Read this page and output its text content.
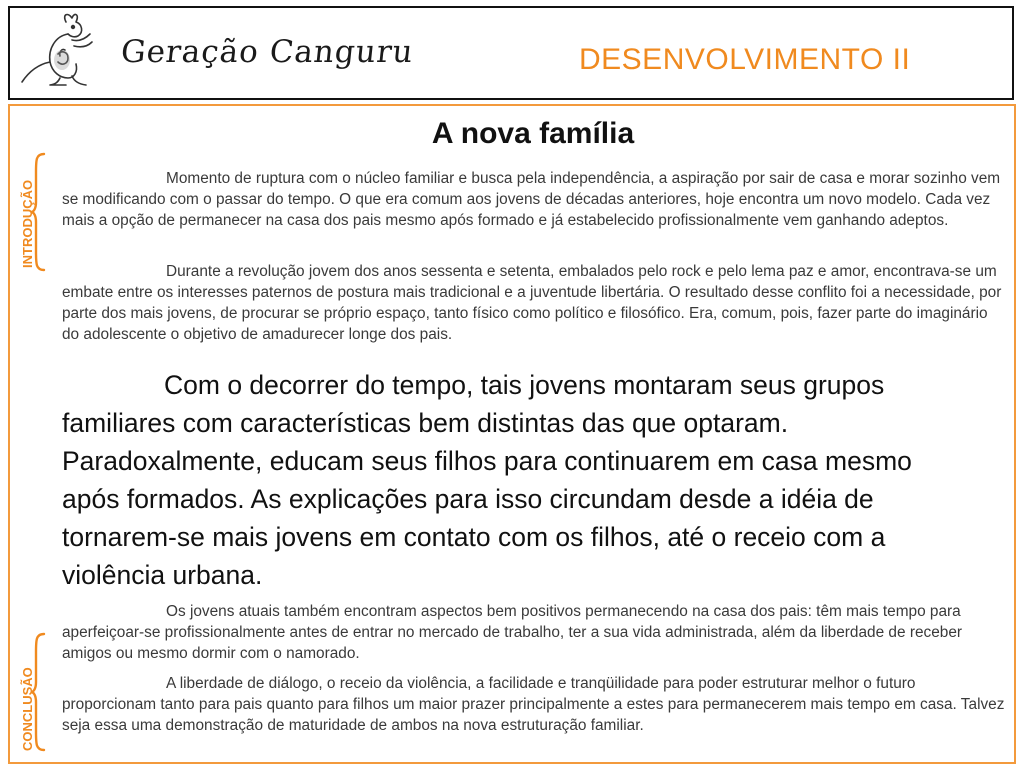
Geração Canguru	DESENVOLVIMENTO II
A nova família

Momento de ruptura com o núcleo familiar e busca pela independência, a aspiração por sair de casa e morar sozinho vem se modificando com o passar do tempo. O que era comum aos jovens de décadas anteriores, hoje encontra um novo modelo. Cada vez mais a opção de permanecer na casa dos pais mesmo após formado e já estabelecido profissionalmente vem ganhando adeptos.

Durante a revolução jovem dos anos sessenta e setenta, embalados pelo rock e pelo lema paz e amor, encontrava-se um embate entre os interesses paternos de postura mais tradicional e a juventude libertária. O resultado desse conflito foi a necessidade, por parte dos mais jovens, de procurar se próprio espaço, tanto físico como político e filosófico. Era, comum, pois, fazer parte do imaginário do adolescente o objetivo de amadurecer longe dos pais.

Com o decorrer do tempo, tais jovens montaram seus grupos familiares com características bem distintas das que optaram. Paradoxalmente, educam seus filhos para continuarem em casa mesmo após formados. As explicações para isso circundam desde a idéia de tornarem-se mais jovens em contato com os filhos, até o receio com a violência urbana.

Os jovens atuais também encontram aspectos bem positivos permanecendo na casa dos pais: têm mais tempo para aperfeiçoar-se profissionalmente antes de entrar no mercado de trabalho, ter a sua vida administrada, além da liberdade de receber amigos ou mesmo dormir com o namorado.

A liberdade de diálogo, o receio da violência, a facilidade e tranqüilidade para poder estruturar melhor o futuro proporcionam tanto para pais quanto para filhos um maior prazer principalmente a estes para permanecerem mais tempo em casa. Talvez seja essa uma demonstração de maturidade de ambos na nova estruturação familiar.

INTRODUÇÃO
CONCLUSÃO
